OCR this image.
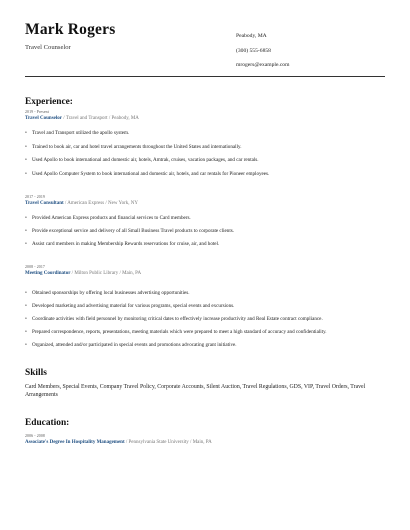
Mark Rogers
Travel Counselor
Peabody, MA
(300) 555-6858
mrogers@example.com
Experience:
2019 - Present
Travel Counselor / Travel and Transport / Peabody, MA
• Travel and Transport utilized the apollo system.
• Trained to book air, car and hotel travel arrangements throughout the United States and internationally.
• Used Apollo to book international and domestic air, hotels, Amtrak, cruises, vacation packages, and car rentals.
• Used Apollo Computer System to book international and domestic air, hotels, and car rentals for Pioneer employees.
2017 - 2019
Travel Consultant / American Express / New York, NY
• Provided American Express products and financial services to Card members.
• Provide exceptional service and delivery of all Small Business Travel products to corporate clients.
• Assist card members in making Membership Rewards reservations for cruise, air, and hotel.
2008 - 2017
Meeting Coordinator / Milton Public Library / Main, PA
• Obtained sponsorships by offering local businesses advertising opportunities.
• Developed marketing and advertising material for various programs, special events and excursions.
• Coordinate activities with field personnel by monitoring critical dates to effectively increase productivity and Real Estate contract compliance.
• Prepared correspondence, reports, presentations, meeting materials which were prepared to meet a high standard of accuracy and confidentiality.
• Organized, attended and/or participated in special events and promotions advocating grant initiative.
Skills
Card Members, Special Events, Company Travel Policy, Corporate Accounts, Silent Auction, Travel Regulations, GDS, VIP, Travel Orders, Travel Arrangements
Education:
2006 - 2008
Associate's Degree In Hospitality Management / Pennsylvania State University / Main, PA
